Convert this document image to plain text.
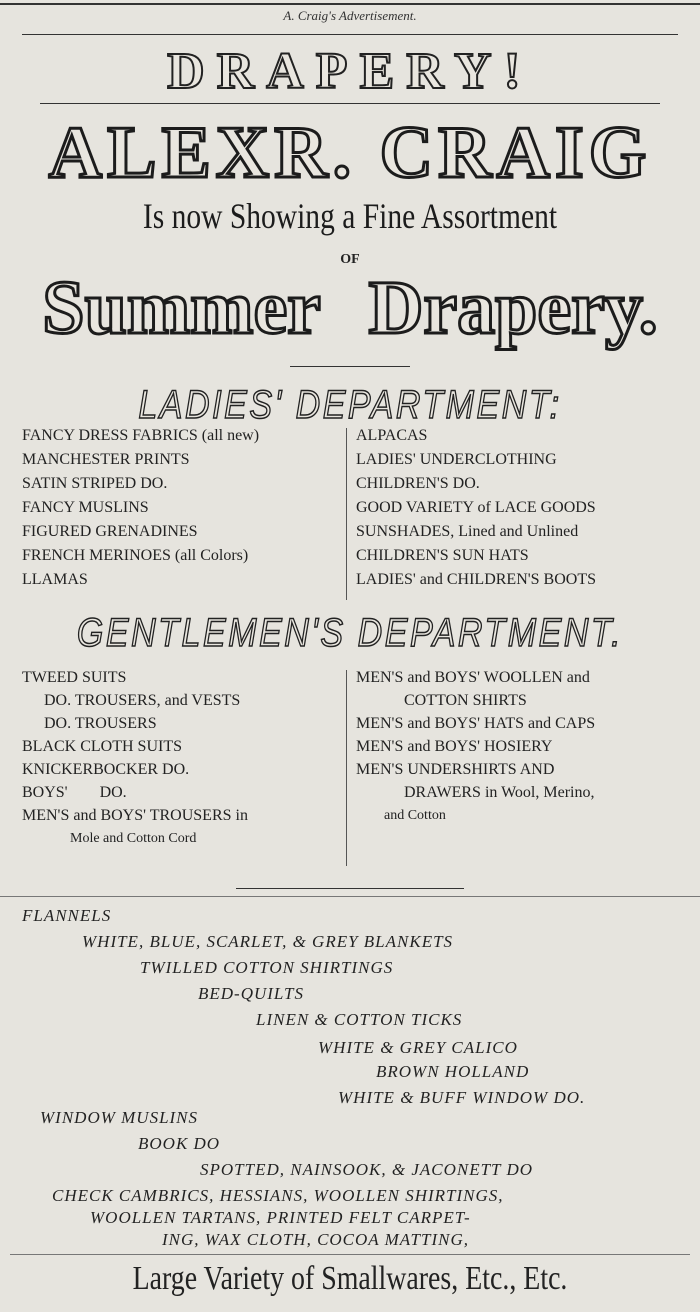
A. Craig's Advertisement.
DRAPERY!
ALEXR. CRAIG
Is now Showing a Fine Assortment
OF
Summer Drapery.
LADIES' DEPARTMENT:
FANCY DRESS FABRICS (all new)
MANCHESTER PRINTS
SATIN STRIPED DO.
FANCY MUSLINS
FIGURED GRENADINES
FRENCH MERINOES (all Colors)
LLAMAS
ALPACAS
LADIES' UNDERCLOTHING
CHILDREN'S DO.
GOOD VARIETY of LACE GOODS
SUNSHADES, Lined and Unlined
CHILDREN'S SUN HATS
LADIES' and CHILDREN'S BOOTS
GENTLEMEN'S DEPARTMENT.
TWEED SUITS
DO. TROUSERS, and VESTS
DO. TROUSERS
BLACK CLOTH SUITS
KNICKERBOCKER DO.
BOYS'        DO.
MEN'S and BOYS' TROUSERS in
Mole and Cotton Cord
MEN'S and BOYS' WOOLLEN and
COTTON SHIRTS
MEN'S and BOYS' HATS and CAPS
MEN'S and BOYS' HOSIERY
MEN'S UNDERSHIRTS AND
DRAWERS in Wool, Merino,
and Cotton
FLANNELS
WHITE, BLUE, SCARLET, & GREY BLANKETS
TWILLED COTTON SHIRTINGS
BED-QUILTS
LINEN & COTTON TICKS
WHITE & GREY CALICO
BROWN HOLLAND
WHITE & BUFF WINDOW DO.
WINDOW MUSLINS
BOOK DO
SPOTTED, NAINSOOK, & JACONETT DO
CHECK CAMBRICS, HESSIANS, WOOLLEN SHIRTINGS,
WOOLLEN TARTANS, PRINTED FELT CARPET-
ING, WAX CLOTH, COCOA MATTING,
Large Variety of Smallwares, Etc., Etc.
